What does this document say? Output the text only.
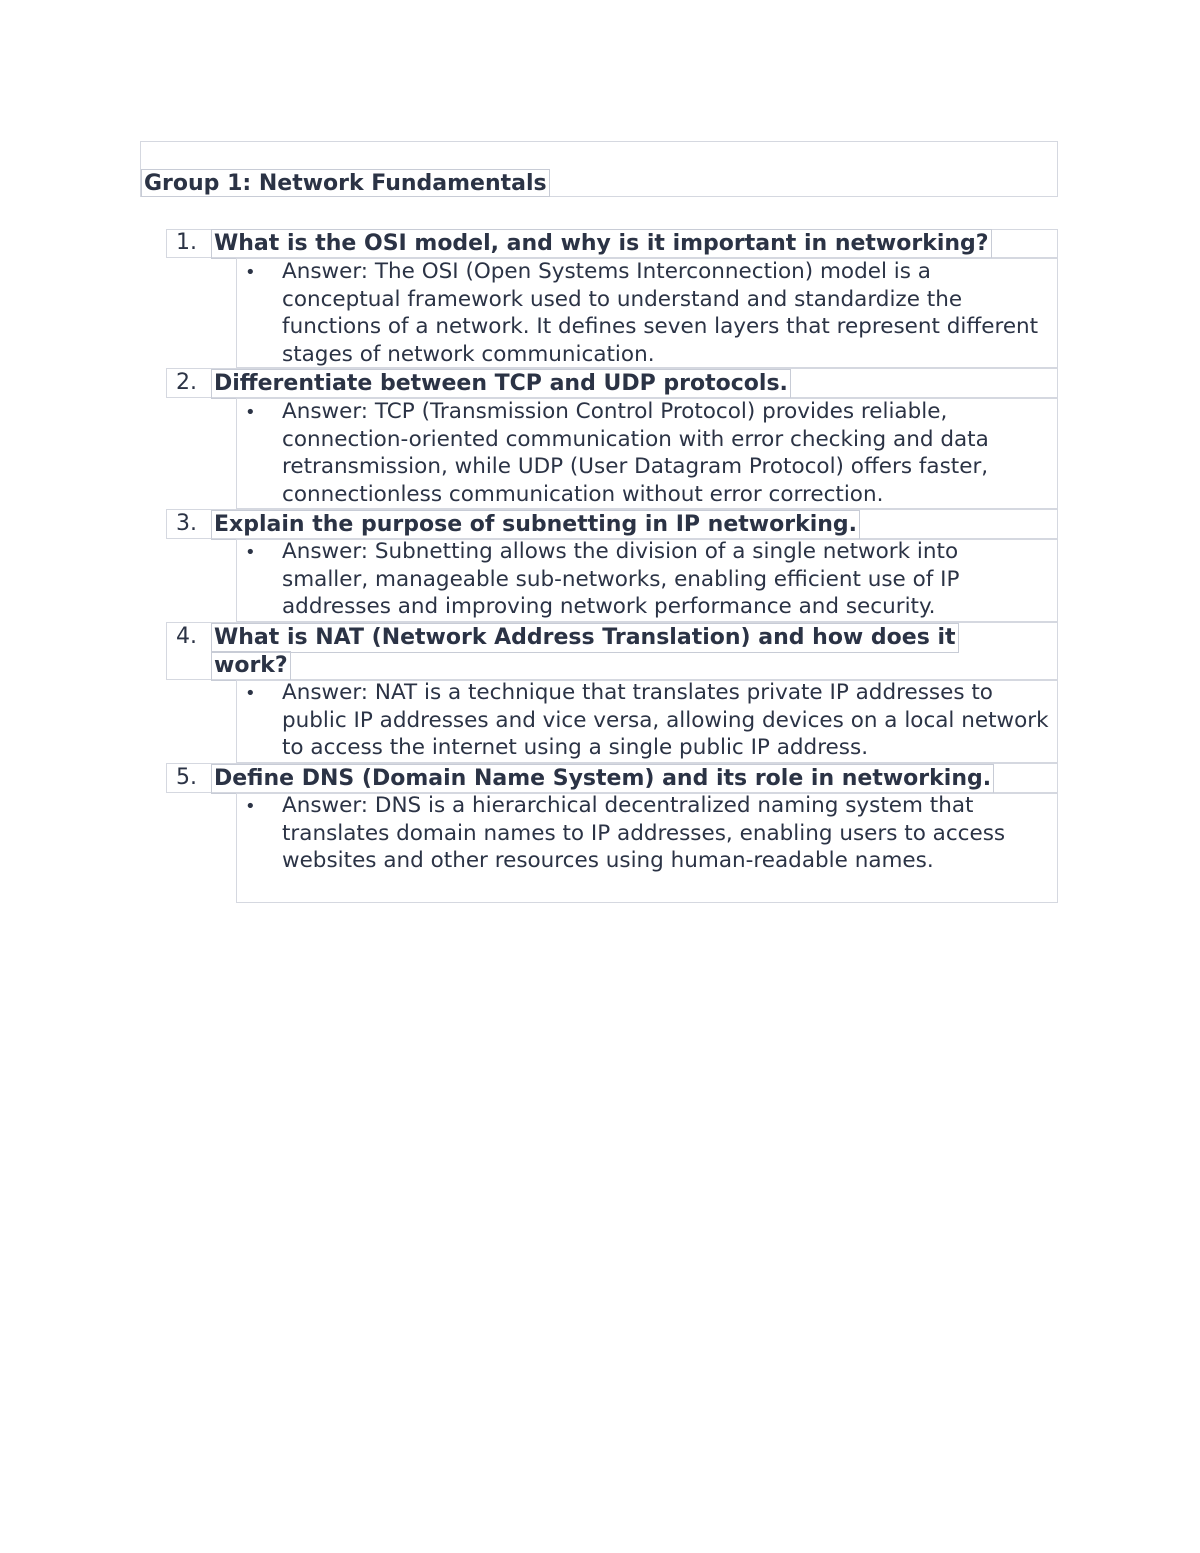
Group 1: Network Fundamentals
1. What is the OSI model, and why is it important in networking?
• Answer: The OSI (Open Systems Interconnection) model is a conceptual framework used to understand and standardize the functions of a network. It defines seven layers that represent different stages of network communication.

2. Differentiate between TCP and UDP protocols.
• Answer: TCP (Transmission Control Protocol) provides reliable, connection-oriented communication with error checking and data retransmission, while UDP (User Datagram Protocol) offers faster, connectionless communication without error correction.

3. Explain the purpose of subnetting in IP networking.
• Answer: Subnetting allows the division of a single network into smaller, manageable sub-networks, enabling efficient use of IP addresses and improving network performance and security.

4. What is NAT (Network Address Translation) and how does it
work?
• Answer: NAT is a technique that translates private IP addresses to public IP addresses and vice versa, allowing devices on a local network to access the internet using a single public IP address.

5. Define DNS (Domain Name System) and its role in networking.
• Answer: DNS is a hierarchical decentralized naming system that translates domain names to IP addresses, enabling users to access websites and other resources using human-readable names.
